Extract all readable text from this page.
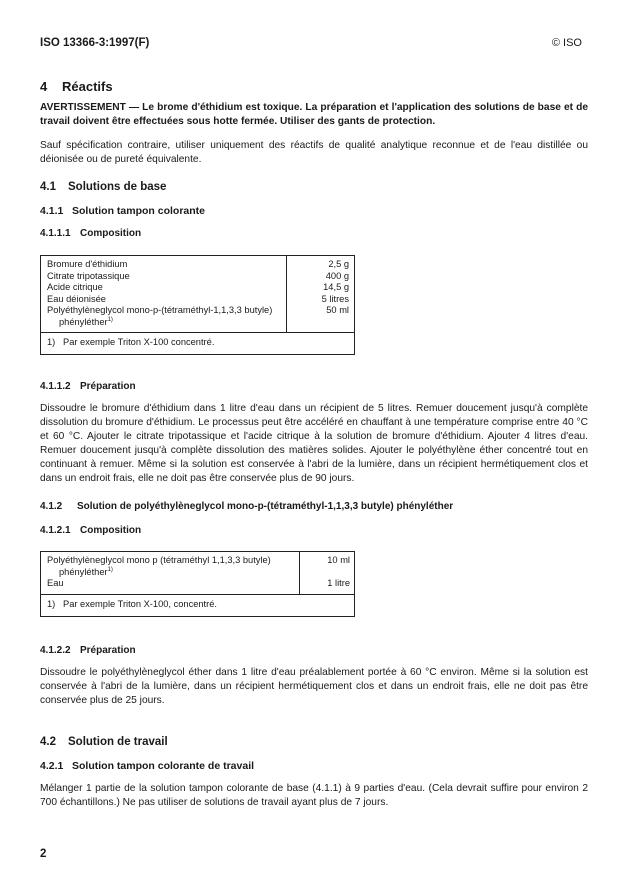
ISO 13366-3:1997(F)	© ISO
4 Réactifs
AVERTISSEMENT — Le brome d'éthidium est toxique. La préparation et l'application des solutions de base et de travail doivent être effectuées sous hotte fermée. Utiliser des gants de protection.
Sauf spécification contraire, utiliser uniquement des réactifs de qualité analytique reconnue et de l'eau distillée ou déionisée ou de pureté équivalente.
4.1 Solutions de base
4.1.1 Solution tampon colorante
4.1.1.1 Composition
Bromure d'éthidium
Citrate tripotassique
Acide citrique
Eau déionisée
Polyéthylèneglycol mono-p-(tétraméthyl-1,1,3,3 butyle)
phényléther$^{1)}$
2,5 g
400 g
14,5 g
5 litres
50 ml
1) Par exemple Triton X-100 concentré.
4.1.1.2 Préparation
Dissoudre le bromure d'éthidium dans 1 litre d'eau dans un récipient de 5 litres. Remuer doucement jusqu'à complète dissolution du bromure d'éthidium. Le processus peut être accéléré en chauffant à une température comprise entre 40 °C et 60 °C. Ajouter le citrate tripotassique et l'acide citrique à la solution de bromure d'éthidium. Ajouter 4 litres d'eau. Remuer doucement jusqu'à complète dissolution des matières solides. Ajouter le polyéthylène éther concentré tout en continuant à remuer. Même si la solution est conservée à l'abri de la lumière, dans un récipient hermétiquement clos et dans un endroit frais, elle ne doit pas être conservée plus de 90 jours.
4.1.2 Solution de polyéthylèneglycol mono-p-(tétraméthyl-1,1,3,3 butyle) phényléther
4.1.2.1 Composition
Polyéthylèneglycol mono p (tétraméthyl 1,1,3,3 butyle)
phényléther$^{1)}$
Eau
10 ml
1 litre
1) Par exemple Triton X-100, concentré.
4.1.2.2 Préparation
Dissoudre le polyéthylèneglycol éther dans 1 litre d'eau préalablement portée à 60 °C environ. Même si la solution est conservée à l'abri de la lumière, dans un récipient hermétiquement clos et dans un endroit frais, elle ne doit pas être conservée plus de 25 jours.
4.2 Solution de travail
4.2.1 Solution tampon colorante de travail
Mélanger 1 partie de la solution tampon colorante de base (4.1.1) à 9 parties d'eau. (Cela devrait suffire pour environ 2 700 échantillons.) Ne pas utiliser de solutions de travail ayant plus de 7 jours.
2
